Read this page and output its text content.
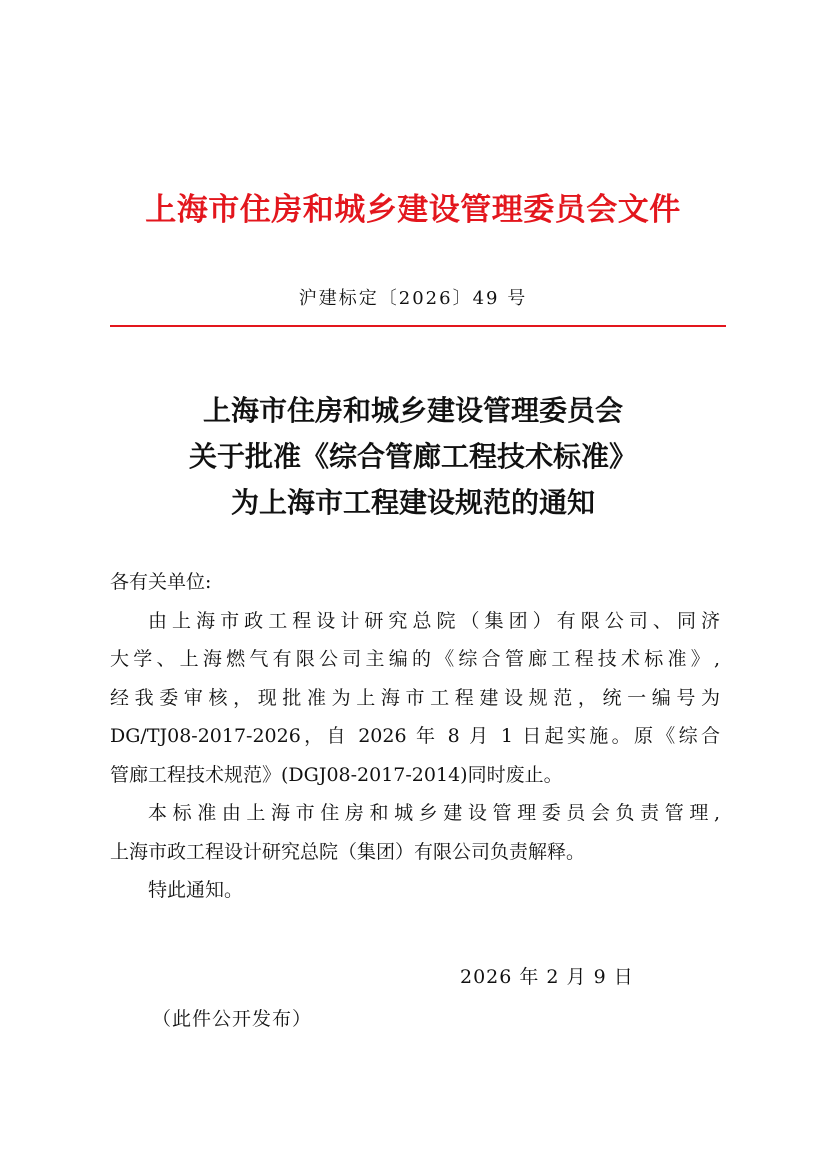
上海市住房和城乡建设管理委员会文件
沪建标定〔2026〕49 号
上海市住房和城乡建设管理委员会
关于批准《综合管廊工程技术标准》
为上海市工程建设规范的通知

各有关单位:

由上海市政工程设计研究总院（集团）有限公司、同济

大学、上海燃气有限公司主编的《综合管廊工程技术标准》,

经我委审核，现批准为上海市工程建设规范，统一编号为

DG/TJ08-2017-2026，自 2026 年 8 月 1 日起实施。原《综合

管廊工程技术规范》(DGJ08-2017-2014)同时废止。

本标准由上海市住房和城乡建设管理委员会负责管理,

上海市政工程设计研究总院（集团）有限公司负责解释。

特此通知。

2026 年 2 月 9 日
（此件公开发布）
